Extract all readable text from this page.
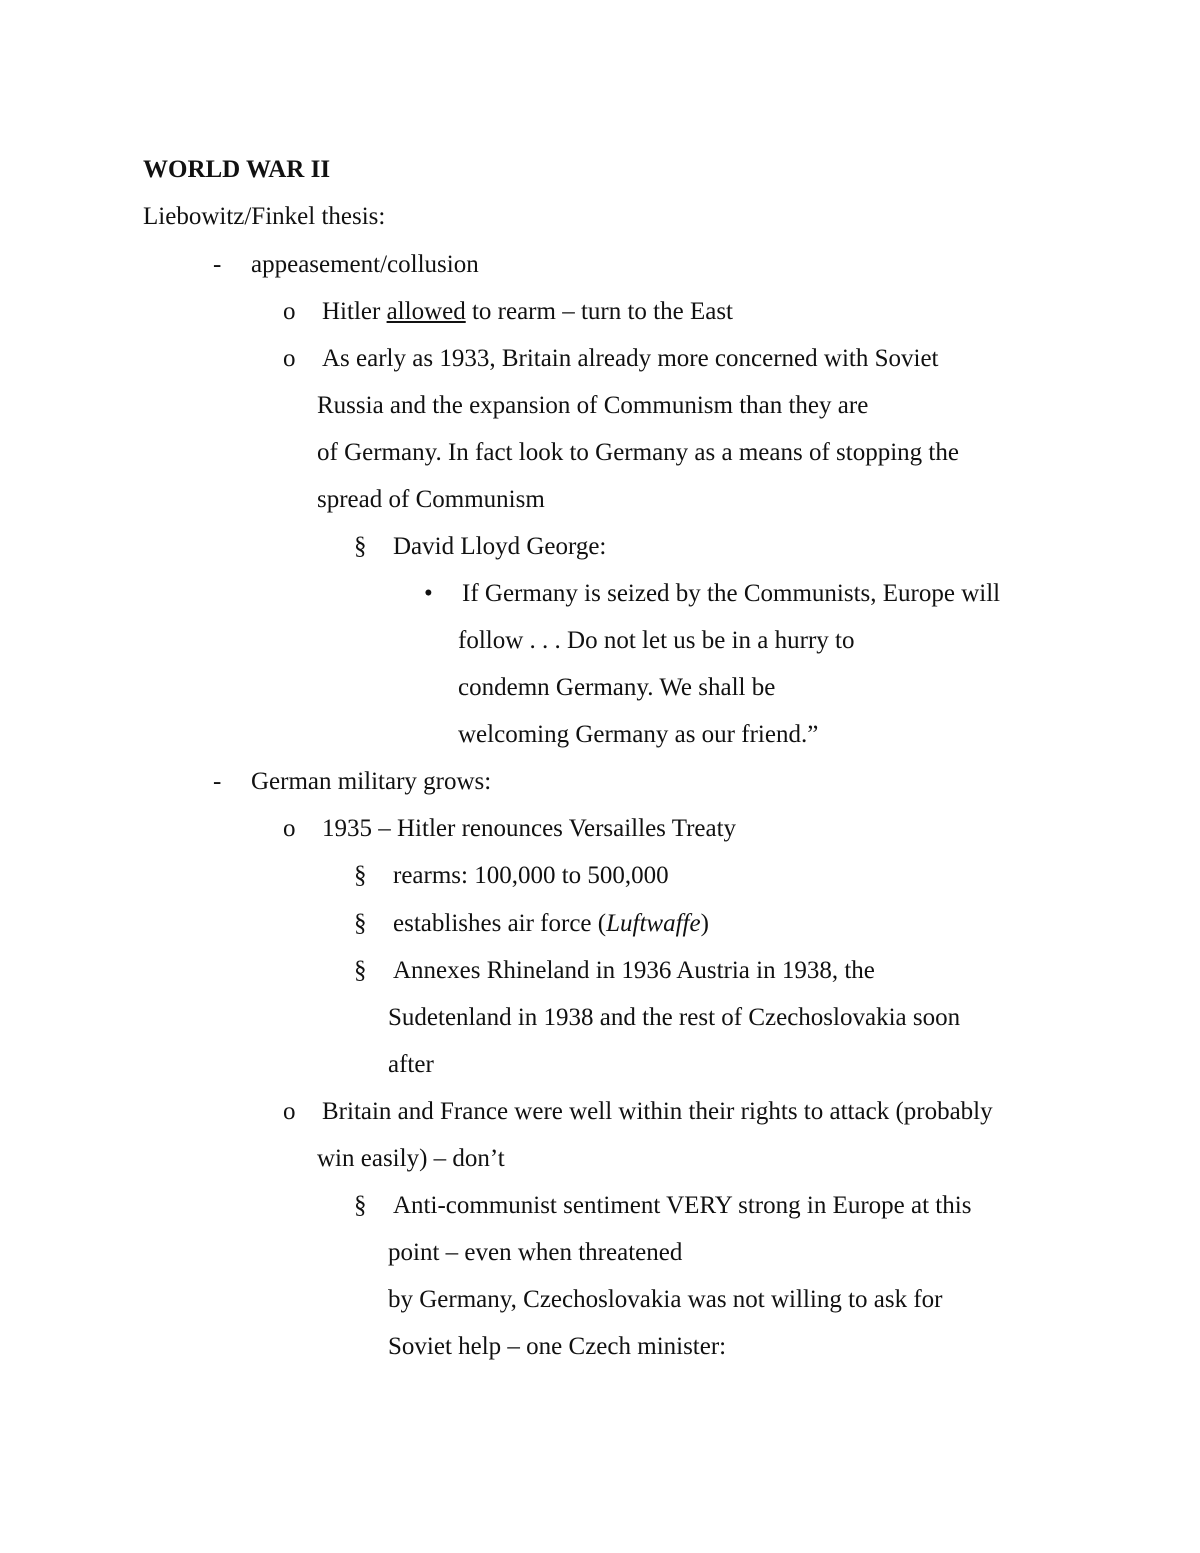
WORLD WAR II
Liebowitz/Finkel thesis:
- appeasement/collusion
o Hitler allowed to rearm – turn to the East
o As early as 1933, Britain already more concerned with Soviet
Russia and the expansion of Communism than they are
of Germany. In fact look to Germany as a means of stopping the
spread of Communism
§ David Lloyd George:
• If Germany is seized by the Communists, Europe will
follow . . . Do not let us be in a hurry to
condemn Germany. We shall be
welcoming Germany as our friend.”
- German military grows:
o 1935 – Hitler renounces Versailles Treaty
§ rearms: 100,000 to 500,000
§ establishes air force (Luftwaffe)
§ Annexes Rhineland in 1936 Austria in 1938, the
Sudetenland in 1938 and the rest of Czechoslovakia soon
after
o Britain and France were well within their rights to attack (probably
win easily) – don’t
§ Anti-communist sentiment VERY strong in Europe at this
point – even when threatened
by Germany, Czechoslovakia was not willing to ask for
Soviet help – one Czech minister:
